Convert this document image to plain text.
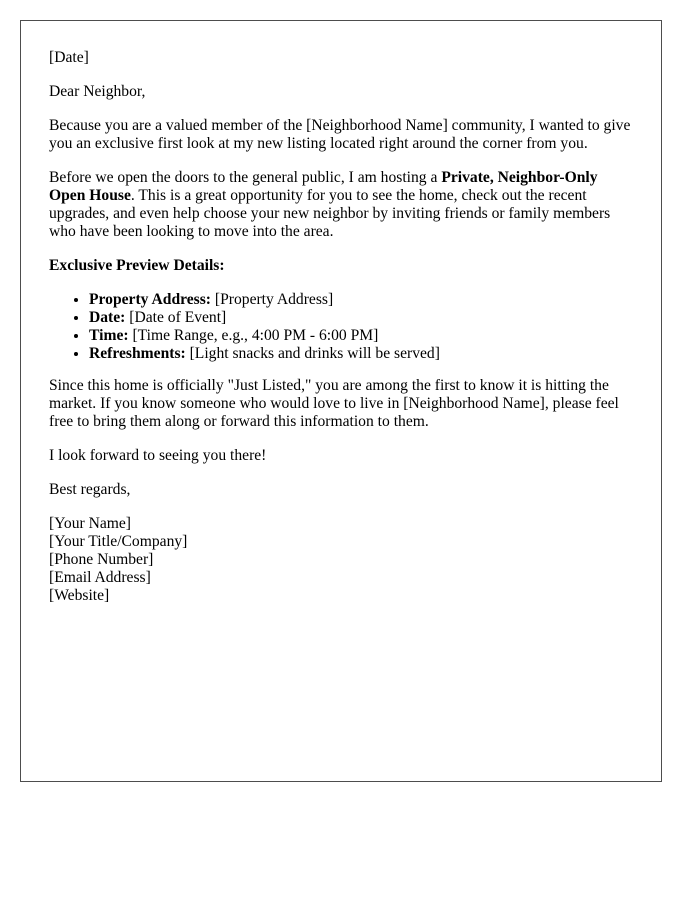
[Date]

Dear Neighbor,

Because you are a valued member of the [Neighborhood Name] community, I wanted to give you an exclusive first look at my new listing located right around the corner from you.

Before we open the doors to the general public, I am hosting a Private, Neighbor-Only Open House. This is a great opportunity for you to see the home, check out the recent upgrades, and even help choose your new neighbor by inviting friends or family members who have been looking to move into the area.

Exclusive Preview Details:

• Property Address: [Property Address]
• Date: [Date of Event]
• Time: [Time Range, e.g., 4:00 PM - 6:00 PM]
• Refreshments: [Light snacks and drinks will be served]

Since this home is officially "Just Listed," you are among the first to know it is hitting the market. If you know someone who would love to live in [Neighborhood Name], please feel free to bring them along or forward this information to them.

I look forward to seeing you there!

Best regards,

[Your Name]
[Your Title/Company]
[Phone Number]
[Email Address]
[Website]
